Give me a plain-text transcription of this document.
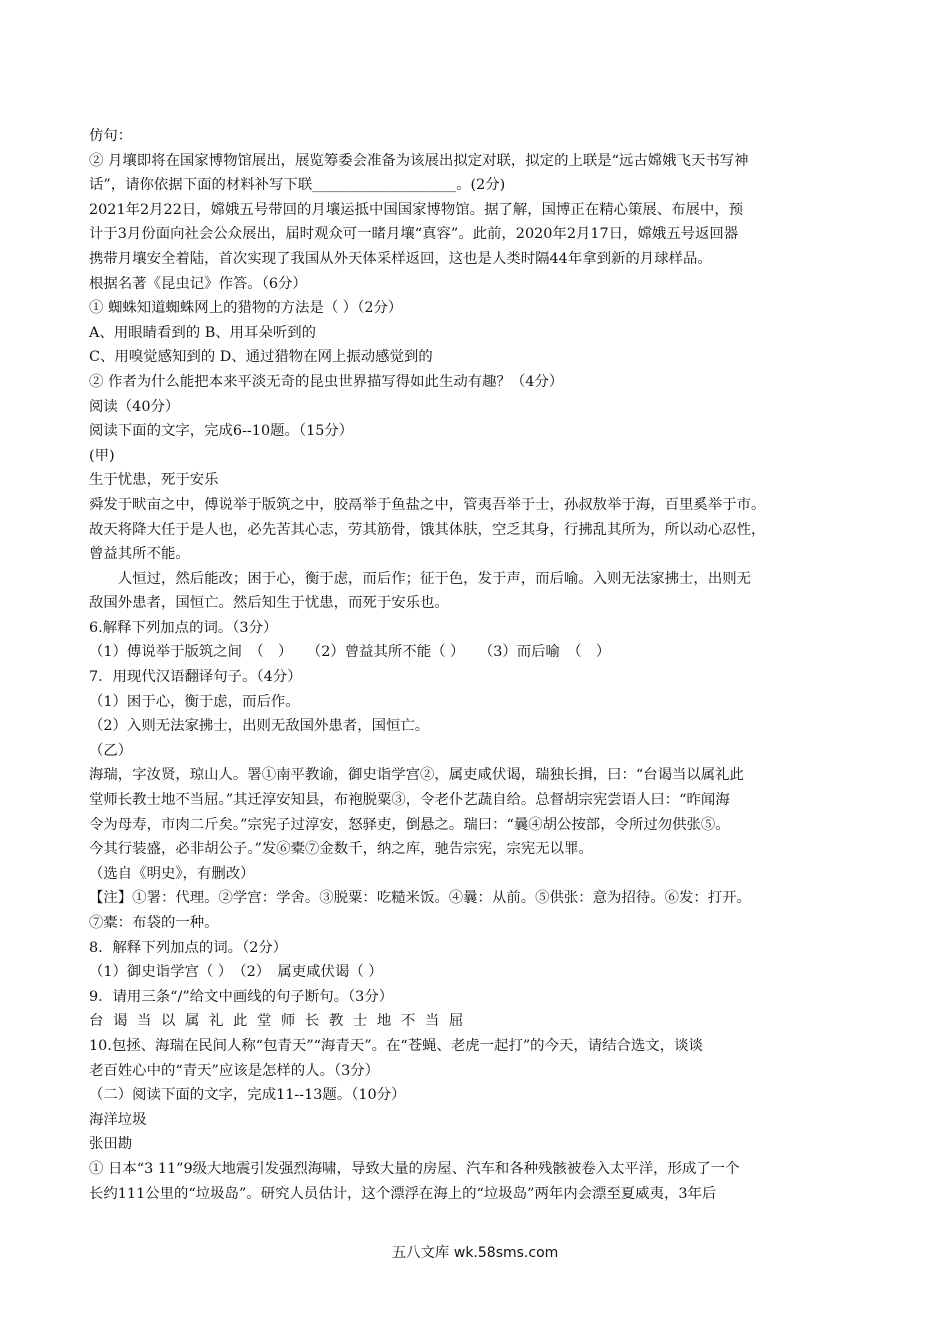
仿句：
② 月壤即将在国家博物馆展出，展览筹委会准备为该展出拟定对联，拟定的上联是“远古嫦娥飞天书写神
话”，请你依据下面的材料补写下联____________________。(2分)
2021年2月22日，嫦娥五号带回的月壤运抵中国国家博物馆。据了解，国博正在精心策展、布展中，预
计于3月份面向社会公众展出，届时观众可一睹月壤“真容”。此前，2020年2月17日，嫦娥五号返回器
携带月壤安全着陆，首次实现了我国从外天体采样返回，这也是人类时隔44年拿到新的月球样品。
根据名著《昆虫记》作答。（6分）
① 蜘蛛知道蜘蛛网上的猎物的方法是（ ）（2分）
A、用眼睛看到的 B、用耳朵听到的
C、用嗅觉感知到的 D、通过猎物在网上振动感觉到的
② 作者为什么能把本来平淡无奇的昆虫世界描写得如此生动有趣？（4分）
阅读（40分）
阅读下面的文字，完成6--10题。（15分）
(甲)
生于忧患，死于安乐
舜发于畎亩之中，傅说举于版筑之中，胶鬲举于鱼盐之中，管夷吾举于士，孙叔敖举于海，百里奚举于市。
故天将降大任于是人也，必先苦其心志，劳其筋骨，饿其体肤，空乏其身，行拂乱其所为，所以动心忍性，
曾益其所不能。
人恒过，然后能改；困于心，衡于虑，而后作；征于色，发于声，而后喻。入则无法家拂士，出则无
敌国外患者，国恒亡。然后知生于忧患，而死于安乐也。
6.解释下列加点的词。（3分）
（1）傅说举于版筑之间　（　）　　（2）曾益其所不能（ ）　　（3）而后喻　（　）
7．用现代汉语翻译句子。（4分）
（1）困于心，衡于虑，而后作。
（2）入则无法家拂士，出则无敌国外患者，国恒亡。
（乙）
海瑞，字汝贤，琼山人。署①南平教谕，御史诣学宫②，属吏咸伏谒，瑞独长揖，曰：“台谒当以属礼此
堂师长教士地不当屈。”其迁淳安知县，布袍脱粟③，令老仆艺蔬自给。总督胡宗宪尝语人曰：“昨闻海
令为母寿，市肉二斤矣。”宗宪子过淳安，怒驿吏，倒悬之。瑞曰：“曩④胡公按部，令所过勿供张⑤。
今其行装盛，必非胡公子。”发⑥橐⑦金数千，纳之库，驰告宗宪，宗宪无以罪。
（选自《明史》，有删改）
【注】①署：代理。②学宫：学舍。③脱粟：吃糙米饭。④曩：从前。⑤供张：意为招待。⑥发：打开。
⑦橐：布袋的一种。
8．解释下列加点的词。（2分）
（1）御史诣学宫（ ）　（2）　属吏咸伏谒（ ）
9．请用三条“/”给文中画线的句子断句。（3分）
台谒当以属礼此堂师长教士地不当屈
10.包拯、海瑞在民间人称“包青天”“海青天”。在“苍蝇、老虎一起打”的今天，请结合选文，谈谈
老百姓心中的“青天”应该是怎样的人。（3分）
（二）阅读下面的文字，完成11--13题。（10分）
海洋垃圾
张田勘
① 日本“3 11”9级大地震引发强烈海啸，导致大量的房屋、汽车和各种残骸被卷入太平洋，形成了一个
长约111公里的“垃圾岛”。研究人员估计，这个漂浮在海上的“垃圾岛”两年内会漂至夏威夷，3年后
五八文库 wk.58sms.com
